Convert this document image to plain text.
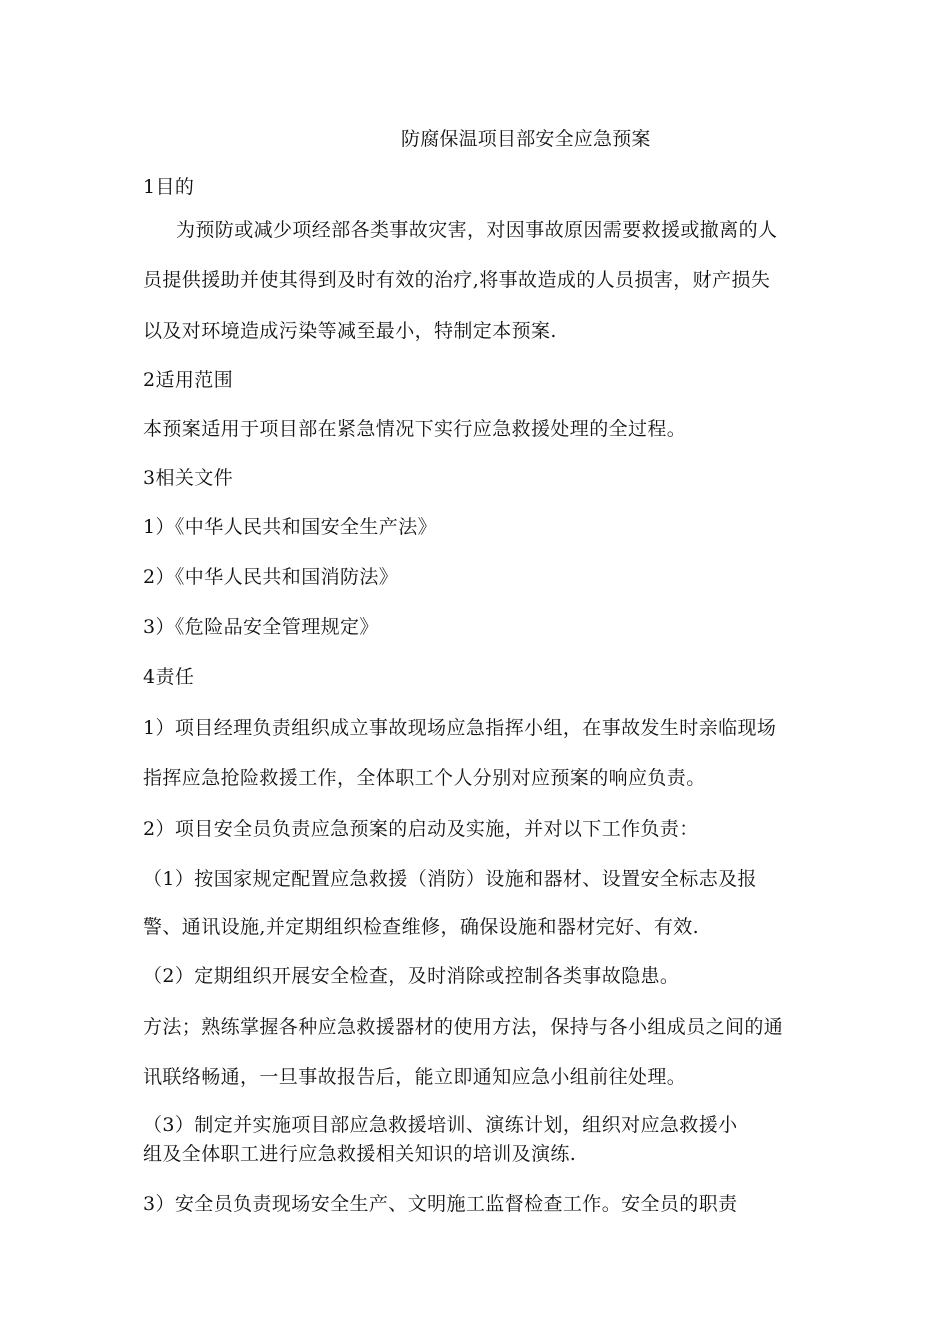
防腐保温项目部安全应急预案
1目的
为预防或减少项经部各类事故灾害，对因事故原因需要救援或撤离的人
员提供援助并使其得到及时有效的治疗,将事故造成的人员损害，财产损失
以及对环境造成污染等减至最小，特制定本预案.
2适用范围
本预案适用于项目部在紧急情况下实行应急救援处理的全过程。
3相关文件
1）《中华人民共和国安全生产法》
2）《中华人民共和国消防法》
3）《危险品安全管理规定》
4责任
1）项目经理负责组织成立事故现场应急指挥小组，在事故发生时亲临现场
指挥应急抢险救援工作，全体职工个人分别对应预案的响应负责。
2）项目安全员负责应急预案的启动及实施，并对以下工作负责：
（1）按国家规定配置应急救援（消防）设施和器材、设置安全标志及报
警、通讯设施,并定期组织检查维修，确保设施和器材完好、有效.
（2）定期组织开展安全检查，及时消除或控制各类事故隐患。
方法；熟练掌握各种应急救援器材的使用方法，保持与各小组成员之间的通
讯联络畅通，一旦事故报告后，能立即通知应急小组前往处理。
（3）制定并实施项目部应急救援培训、演练计划，组织对应急救援小
组及全体职工进行应急救援相关知识的培训及演练.
3）安全员负责现场安全生产、文明施工监督检查工作。安全员的职责
